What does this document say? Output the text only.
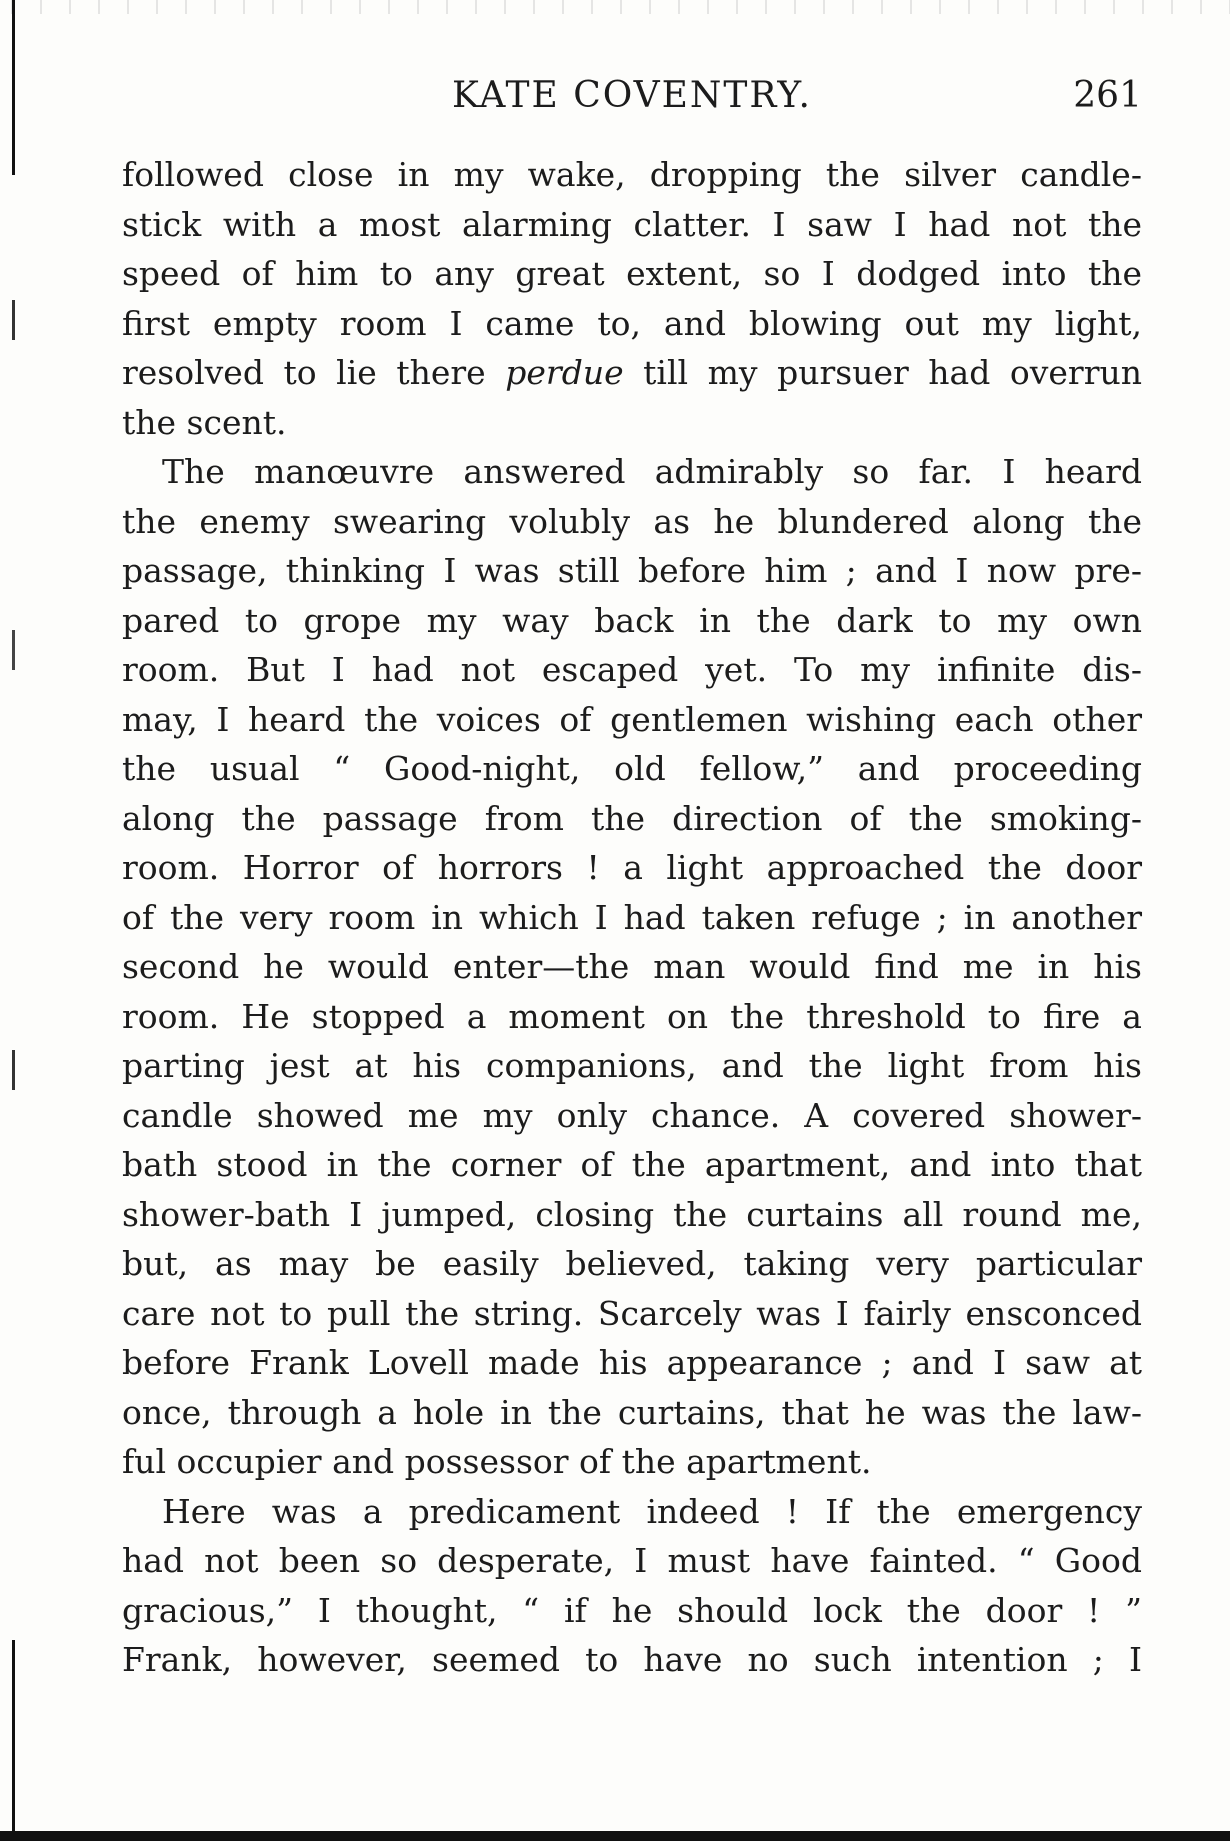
KATE COVENTRY.	261
followed close in my wake, dropping the silver candle-
stick with a most alarming clatter. I saw I had not the
speed of him to any great extent, so I dodged into the
first empty room I came to, and blowing out my light,
resolved to lie there perdue till my pursuer had overrun
the scent.
The manœuvre answered admirably so far. I heard
the enemy swearing volubly as he blundered along the
passage, thinking I was still before him ; and I now pre-
pared to grope my way back in the dark to my own
room. But I had not escaped yet. To my infinite dis-
may, I heard the voices of gentlemen wishing each other
the usual “ Good-night, old fellow,” and proceeding
along the passage from the direction of the smoking-
room. Horror of horrors ! a light approached the door
of the very room in which I had taken refuge ; in another
second he would enter—the man would find me in his
room. He stopped a moment on the threshold to fire a
parting jest at his companions, and the light from his
candle showed me my only chance. A covered shower-
bath stood in the corner of the apartment, and into that
shower-bath I jumped, closing the curtains all round me,
but, as may be easily believed, taking very particular
care not to pull the string. Scarcely was I fairly ensconced
before Frank Lovell made his appearance ; and I saw at
once, through a hole in the curtains, that he was the law-
ful occupier and possessor of the apartment.
Here was a predicament indeed ! If the emergency
had not been so desperate, I must have fainted. “ Good
gracious,” I thought, “ if he should lock the door ! ”
Frank, however, seemed to have no such intention ; I
